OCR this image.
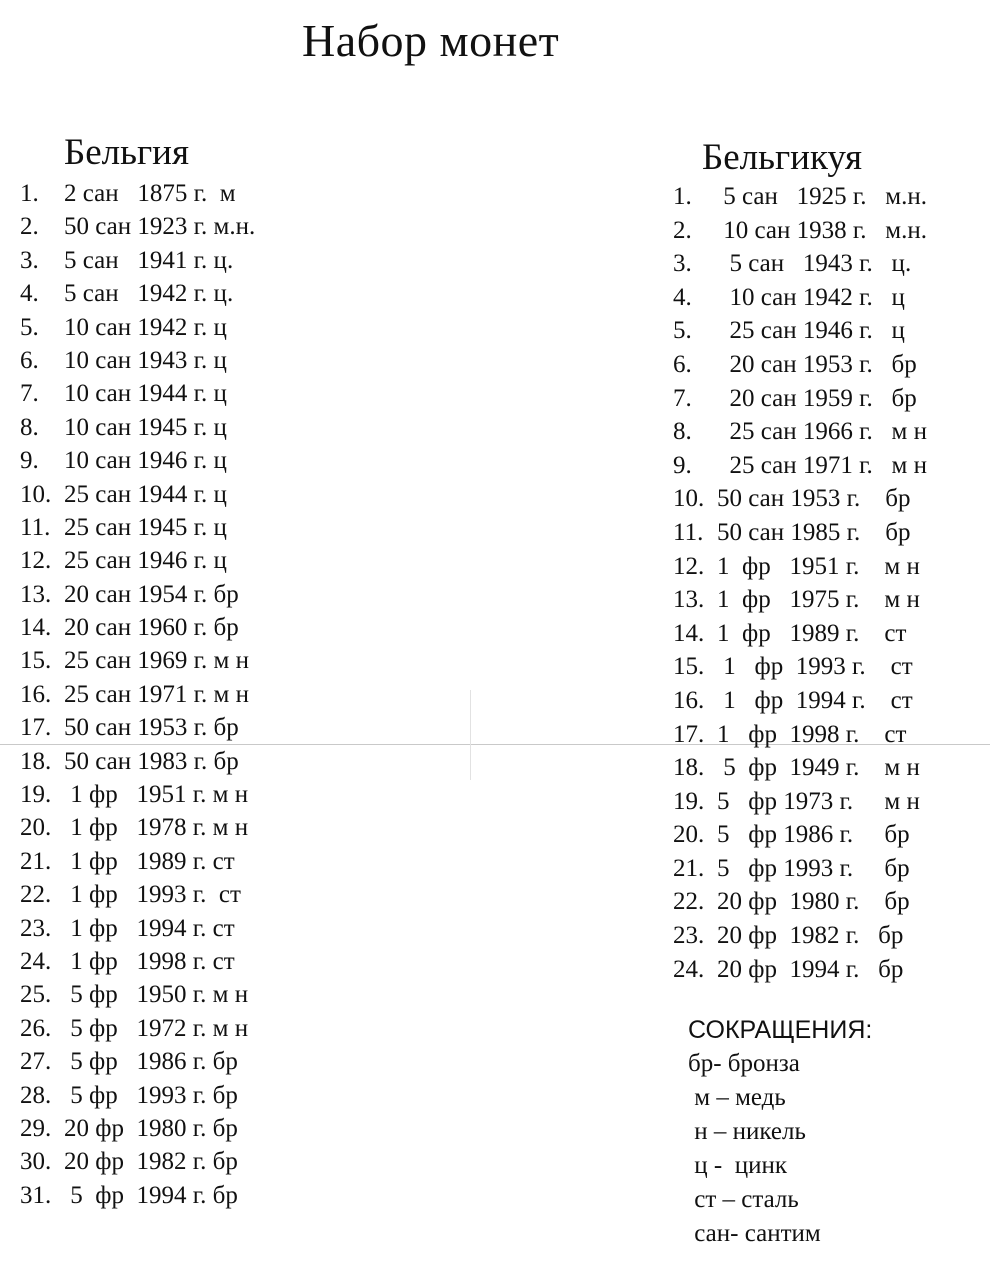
Набор монет
Бельгия
1. 2 сан   1875 г.  м
2. 50 сан 1923 г. м.н.
3. 5 сан   1941 г. ц.
4. 5 сан   1942 г. ц.
5. 10 сан 1942 г. ц
6. 10 сан 1943 г. ц
7. 10 сан 1944 г. ц
8. 10 сан 1945 г. ц
9. 10 сан 1946 г. ц
10. 25 сан 1944 г. ц
11. 25 сан 1945 г. ц
12. 25 сан 1946 г. ц
13. 20 сан 1954 г. бр
14. 20 сан 1960 г. бр
15. 25 сан 1969 г. м н
16. 25 сан 1971 г. м н
17. 50 сан 1953 г. бр
18. 50 сан 1983 г. бр
19. 1 фр   1951 г. м н
20. 1 фр   1978 г. м н
21. 1 фр   1989 г. ст
22. 1 фр   1993 г.  ст
23. 1 фр   1994 г. ст
24. 1 фр   1998 г. ст
25. 5 фр   1950 г. м н
26. 5 фр   1972 г. м н
27. 5 фр   1986 г. бр
28. 5 фр   1993 г. бр
29. 20 фр  1980 г. бр
30. 20 фр  1982 г. бр
31. 5  фр  1994 г. бр
Бельгикуя
1. 5 сан   1925 г.   м.н.
2. 10 сан 1938 г.   м.н.
3.  5 сан   1943 г.   ц.
4.  10 сан 1942 г.   ц
5.  25 сан 1946 г.   ц
6.  20 сан 1953 г.   бр
7.  20 сан 1959 г.   бр
8.  25 сан 1966 г.   м н
9.  25 сан 1971 г.   м н
10. 50 сан 1953 г.    бр
11. 50 сан 1985 г.    бр
12. 1  фр   1951 г.    м н
13. 1  фр   1975 г.    м н
14. 1  фр   1989 г.    ст
15. 1   фр  1993 г.    ст
16. 1   фр  1994 г.    ст
17. 1   фр  1998 г.    ст
18. 5  фр  1949 г.    м н
19. 5   фр 1973 г.     м н
20. 5   фр 1986 г.     бр
21. 5   фр 1993 г.     бр
22. 20 фр  1980 г.    бр
23. 20 фр  1982 г.   бр
24. 20 фр  1994 г.   бр
СОКРАЩЕНИЯ:
бр- бронза
м – медь
н – никель
ц -  цинк
ст – сталь
сан- сантим
